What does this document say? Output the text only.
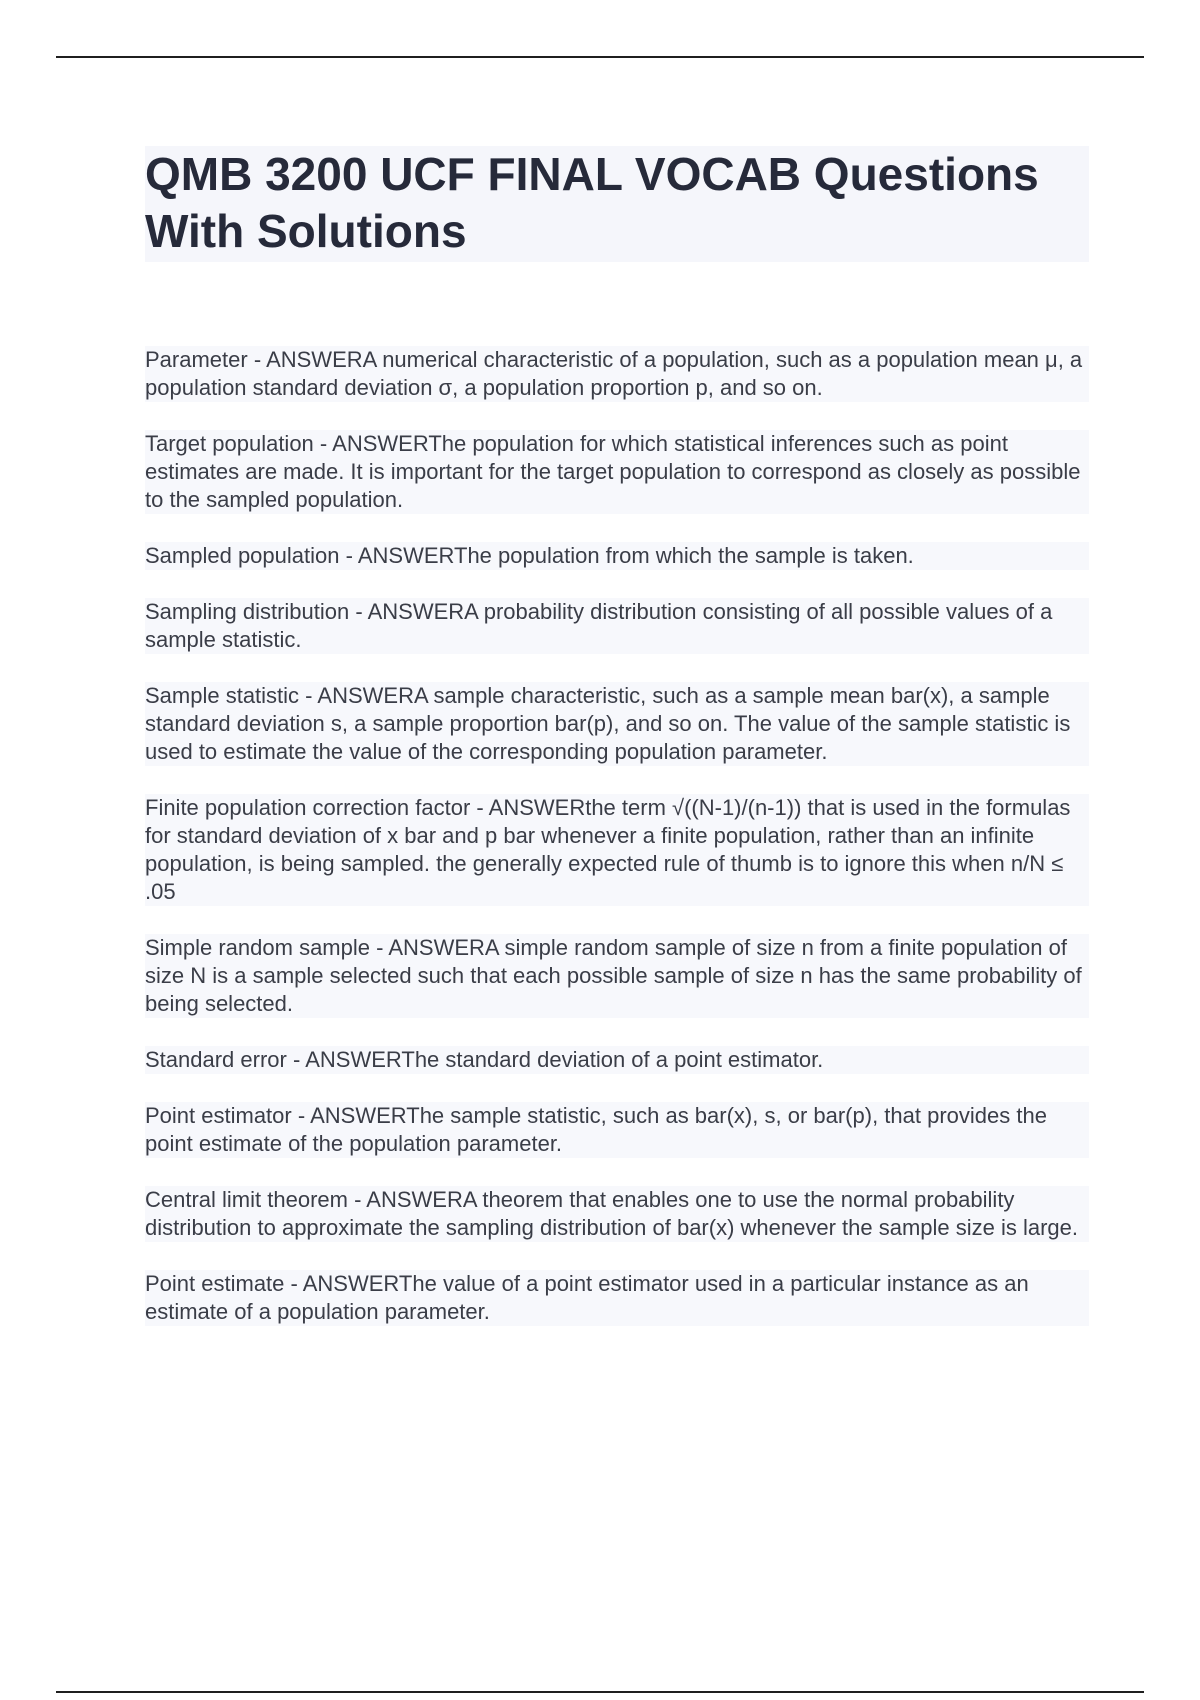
QMB 3200 UCF FINAL VOCAB Questions With Solutions

Parameter - ANSWERA numerical characteristic of a population, such as a population mean μ, a population standard deviation σ, a population proportion p, and so on.

Target population - ANSWERThe population for which statistical inferences such as point estimates are made. It is important for the target population to correspond as closely as possible to the sampled population.

Sampled population - ANSWERThe population from which the sample is taken.

Sampling distribution - ANSWERA probability distribution consisting of all possible values of a sample statistic.

Sample statistic - ANSWERA sample characteristic, such as a sample mean bar(x), a sample standard deviation s, a sample proportion bar(p), and so on. The value of the sample statistic is used to estimate the value of the corresponding population parameter.

Finite population correction factor - ANSWERthe term √((N-1)/(n-1)) that is used in the formulas for standard deviation of x bar and p bar whenever a finite population, rather than an infinite population, is being sampled. the generally expected rule of thumb is to ignore this when n/N ≤ .05

Simple random sample - ANSWERA simple random sample of size n from a finite population of size N is a sample selected such that each possible sample of size n has the same probability of being selected.

Standard error - ANSWERThe standard deviation of a point estimator.

Point estimator - ANSWERThe sample statistic, such as bar(x), s, or bar(p), that provides the point estimate of the population parameter.

Central limit theorem - ANSWERA theorem that enables one to use the normal probability distribution to approximate the sampling distribution of bar(x) whenever the sample size is large.

Point estimate - ANSWERThe value of a point estimator used in a particular instance as an estimate of a population parameter.
